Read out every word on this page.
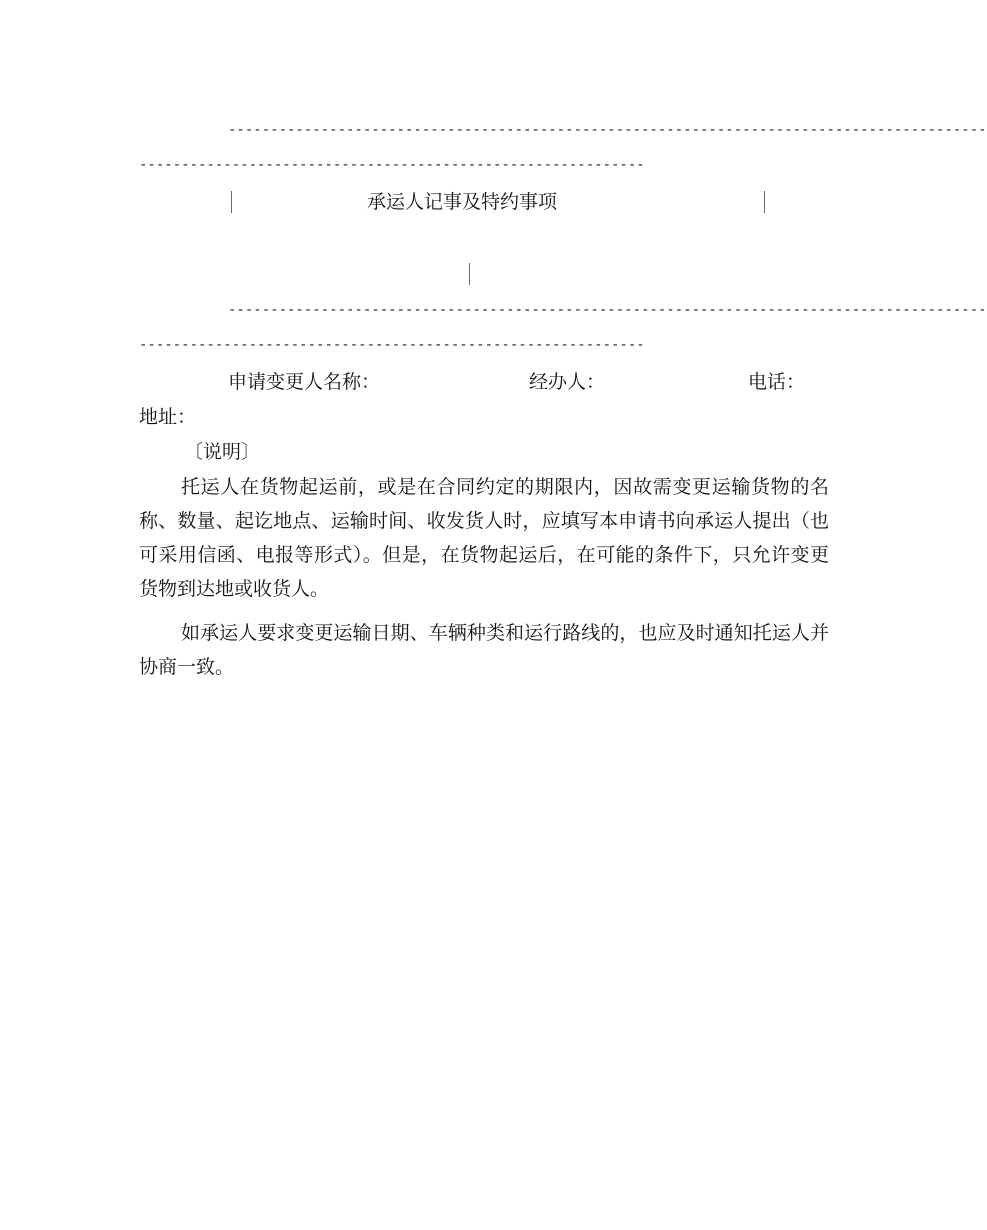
------------------------------------------------------------------------------------------
------------------------------------------------------------
承运人记事及特约事项
------------------------------------------------------------------------------------------
------------------------------------------------------------
申请变更人名称：	经办人：	电话：
地址：
〔说明〕

托运人在货物起运前，或是在合同约定的期限内，因故需变更运输货物的名称、数量、起讫地点、运输时间、收发货人时，应填写本申请书向承运人提出（也可采用信函、电报等形式）。但是，在货物起运后，在可能的条件下，只允许变更货物到达地或收货人。

如承运人要求变更运输日期、车辆种类和运行路线的，也应及时通知托运人并协商一致。
